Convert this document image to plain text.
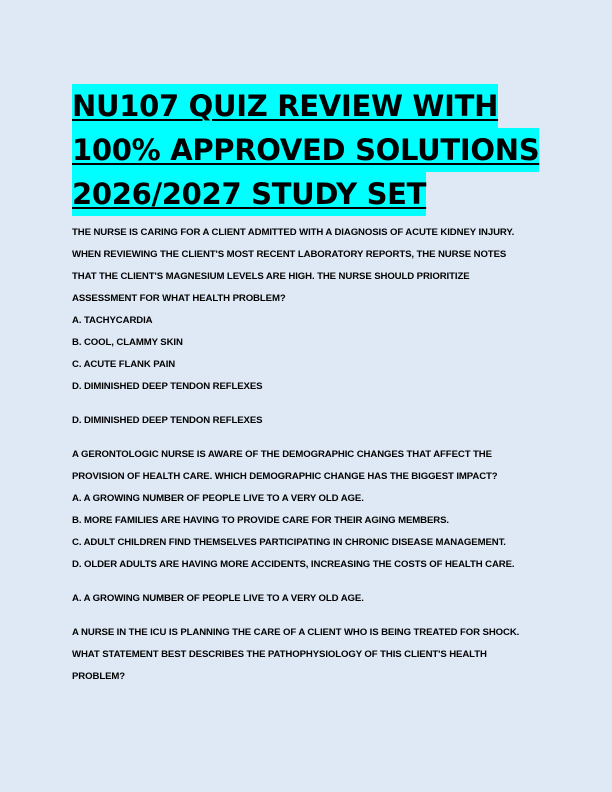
NU107 QUIZ REVIEW WITH
100% APPROVED SOLUTIONS
2026/2027 STUDY SET
THE NURSE IS CARING FOR A CLIENT ADMITTED WITH A DIAGNOSIS OF ACUTE KIDNEY INJURY.
WHEN REVIEWING THE CLIENT'S MOST RECENT LABORATORY REPORTS, THE NURSE NOTES
THAT THE CLIENT'S MAGNESIUM LEVELS ARE HIGH. THE NURSE SHOULD PRIORITIZE
ASSESSMENT FOR WHAT HEALTH PROBLEM?
A. TACHYCARDIA
B. COOL, CLAMMY SKIN
C. ACUTE FLANK PAIN
D. DIMINISHED DEEP TENDON REFLEXES
D. DIMINISHED DEEP TENDON REFLEXES
A GERONTOLOGIC NURSE IS AWARE OF THE DEMOGRAPHIC CHANGES THAT AFFECT THE
PROVISION OF HEALTH CARE. WHICH DEMOGRAPHIC CHANGE HAS THE BIGGEST IMPACT?
A. A GROWING NUMBER OF PEOPLE LIVE TO A VERY OLD AGE.
B. MORE FAMILIES ARE HAVING TO PROVIDE CARE FOR THEIR AGING MEMBERS.
C. ADULT CHILDREN FIND THEMSELVES PARTICIPATING IN CHRONIC DISEASE MANAGEMENT.
D. OLDER ADULTS ARE HAVING MORE ACCIDENTS, INCREASING THE COSTS OF HEALTH CARE.
A. A GROWING NUMBER OF PEOPLE LIVE TO A VERY OLD AGE.
A NURSE IN THE ICU IS PLANNING THE CARE OF A CLIENT WHO IS BEING TREATED FOR SHOCK.
WHAT STATEMENT BEST DESCRIBES THE PATHOPHYSIOLOGY OF THIS CLIENT'S HEALTH
PROBLEM?
